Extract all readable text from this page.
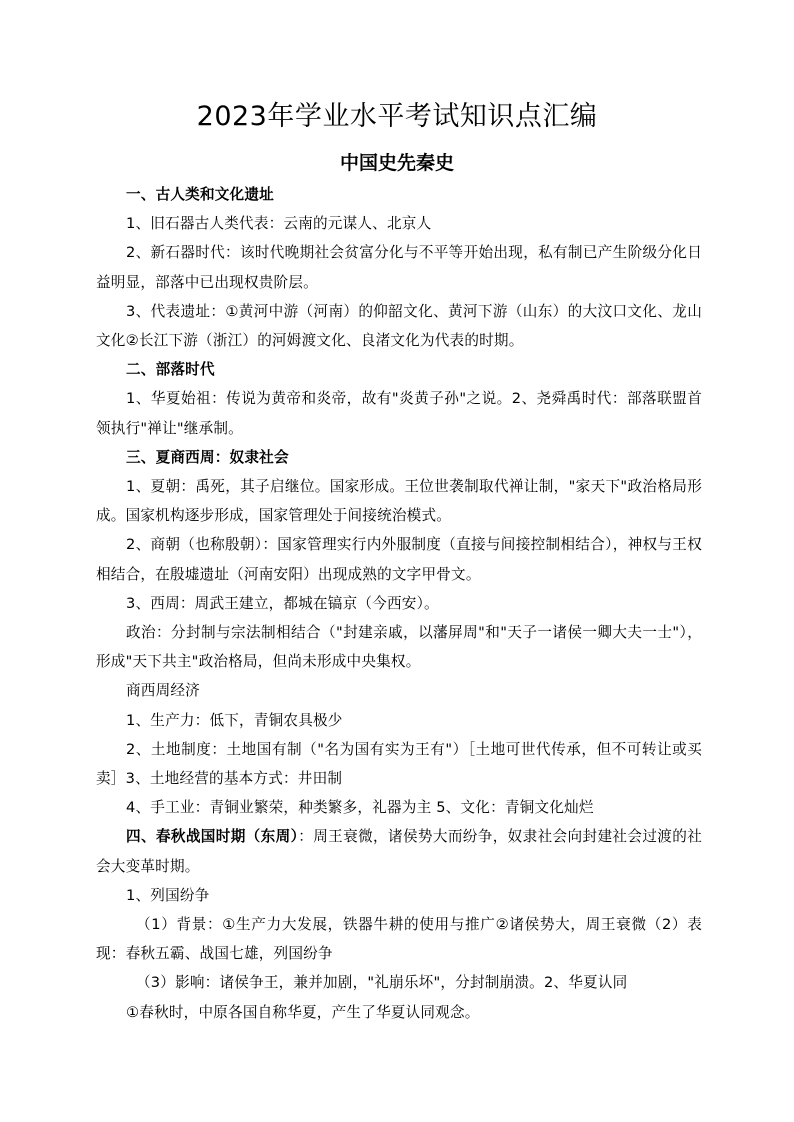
2023年学业水平考试知识点汇编
中国史先秦史

一、古人类和文化遗址

1、旧石器古人类代表：云南的元谋人、北京人

2、新石器时代：该时代晚期社会贫富分化与不平等开始出现，私有制已产生阶级分化日益明显，部落中已出现权贵阶层。

3、代表遗址：①黄河中游（河南）的仰韶文化、黄河下游（山东）的大汶口文化、龙山文化②长江下游（浙江）的河姆渡文化、良渚文化为代表的时期。

二、部落时代

1、华夏始祖：传说为黄帝和炎帝，故有"炎黄子孙"之说。2、尧舜禹时代：部落联盟首领执行"禅让"继承制。

三、夏商西周：奴隶社会

1、夏朝：禹死，其子启继位。国家形成。王位世袭制取代禅让制，"家天下"政治格局形成。国家机构逐步形成，国家管理处于间接统治模式。

2、商朝（也称殷朝）：国家管理实行内外服制度（直接与间接控制相结合），神权与王权相结合，在殷墟遗址（河南安阳）出现成熟的文字甲骨文。

3、西周：周武王建立，都城在镐京（今西安）。

政治：分封制与宗法制相结合（"封建亲戚，以藩屏周"和"天子一诸侯一卿大夫一士"），形成"天下共主"政治格局，但尚未形成中央集权。

商西周经济

1、生产力：低下，青铜农具极少

2、土地制度：土地国有制（"名为国有实为王有"）［土地可世代传承，但不可转让或买卖］3、土地经营的基本方式：井田制

4、手工业：青铜业繁荣，种类繁多，礼器为主 5、文化：青铜文化灿烂

四、春秋战国时期（东周）：周王衰微，诸侯势大而纷争，奴隶社会向封建社会过渡的社会大变革时期。

1、列国纷争

（1）背景：①生产力大发展，铁器牛耕的使用与推广②诸侯势大，周王衰微（2）表现：春秋五霸、战国七雄，列国纷争

（3）影响：诸侯争王，兼并加剧，"礼崩乐坏"，分封制崩溃。2、华夏认同

①春秋时，中原各国自称华夏，产生了华夏认同观念。
